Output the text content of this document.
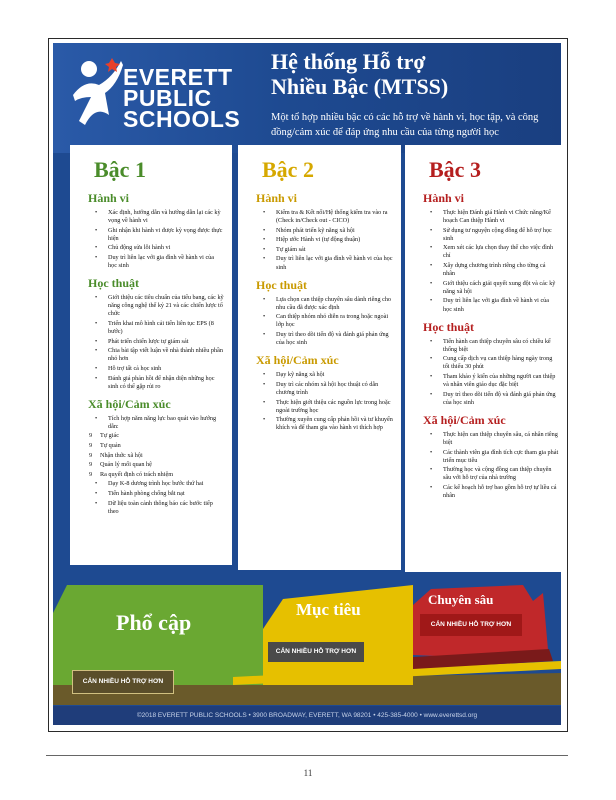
EVERETT
PUBLIC
SCHOOLS
Hệ thống Hỗ trợ
Nhiều Bậc (MTSS)
Một tổ hợp nhiều bậc có các hỗ trợ về hành vi, học tập, và công đồng/cảm xúc để đáp ứng nhu cầu của từng người học
Bậc 1
Hành vi
• Xác định, hướng dẫn và hướng dẫn lại các kỳ vọng về hành vi
• Ghi nhận khi hành vi được kỳ vọng được thực hiện
• Chủ động sửa lỗi hành vi
• Duy trì liên lạc với gia đình về hành vi của học sinh
Học thuật
• Giới thiệu các tiêu chuẩn của tiểu bang, các kỹ năng công nghệ thế kỷ 21 và các chiến lược tổ chức
• Triển khai mô hình cải tiến liên tục EPS (8 bước)
• Phát triển chiến lược tự giám sát
• Chia bài tập viết luận về nhà thành nhiều phần nhỏ hơn
• Hỗ trợ tất cả học sinh
• Đánh giá phản hồi để nhận diện những học sinh có thể gặp rủi ro
Xã hội/Cảm xúc
• Tích hợp năm năng lực bao quát vào hướng dẫn:
9 Tự giác
9 Tự quản
9 Nhận thức xã hội
9 Quản lý mối quan hệ
9 Ra quyết định có trách nhiệm
• Dạy K-8 dương trình học bước thứ hai
• Tiến hành phòng chống bắt nạt
• Dữ liệu toàn cảnh thông báo các bước tiếp theo
Bậc 2
Hành vi
• Kiểm tra & Kết nối/Hệ thống kiểm tra vào ra (Check in/Check out - CICO)
• Nhóm phát triển kỹ năng xã hội
• Hiệp ước Hành vi (tự động thuận)
• Tự giám sát
• Duy trì liên lạc với gia đình về hành vi của học sinh
Học thuật
• Lựa chọn can thiệp chuyên sâu dành riêng cho nhu cầu đã được xác định
• Can thiệp nhóm nhỏ diễn ra trong hoặc ngoài lớp học
• Duy trì theo dõi tiến độ và đánh giá phản ứng của học sinh
Xã hội/Cảm xúc
• Dạy kỹ năng xã hội
• Duy trì các nhóm xã hội học thuật có dẫn chương trình
• Thực hiện giới thiệu các nguồn lực trong hoặc ngoài trường học
• Thường xuyên cung cấp phản hồi và tư khuyến khích và để tham gia vào hành vi thích hợp
Bậc 3
Hành vi
• Thực hiện Đánh giá Hành vi Chức năng/Kế hoạch Can thiệp Hành vi
• Sử dụng tư nguyện cộng đồng để hỗ trợ học sinh
• Xem xét các lựa chọn thay thế cho việc đình chỉ
• Xây dựng chương trình riêng cho từng cá nhân
• Giới thiệu cách giải quyết xung đột và các kỹ năng xã hội
• Duy trì liên lạc với gia đình về hành vi của học sinh
Học thuật
• Tiến hành can thiệp chuyên sâu có chiều kế thống biệt
• Cung cấp dịch vụ can thiệp hàng ngày trong tối thiểu 30 phút
• Tham khảo ý kiến của những người can thiệp và nhân viên giáo dục đặc biệt
• Duy trì theo dõi tiến độ và đánh giá phản ứng của học sinh
Xã hội/Cảm xúc
• Thực hiện can thiệp chuyên sâu, cá nhân riêng biệt
• Các thành viên gia đình tích cực tham gia phát triển mục tiêu
• Thường học và cộng đồng can thiệp chuyên sâu với hỗ trợ của nhà trường
• Các kế hoạch hỗ trợ bao gồm hỗ trợ tự liều cá nhân
Phổ cập
Mục tiêu
Chuyên sâu
CẢN NHIỀU HỖ TRỢ HƠN
CẢN NHIỀU HỖ TRỢ HƠN
CẢN NHIỀU HỖ TRỢ HƠN
©2018 EVERETT PUBLIC SCHOOLS • 3900 BROADWAY, EVERETT, WA 98201 • 425-385-4000 • www.everettsd.org
11
